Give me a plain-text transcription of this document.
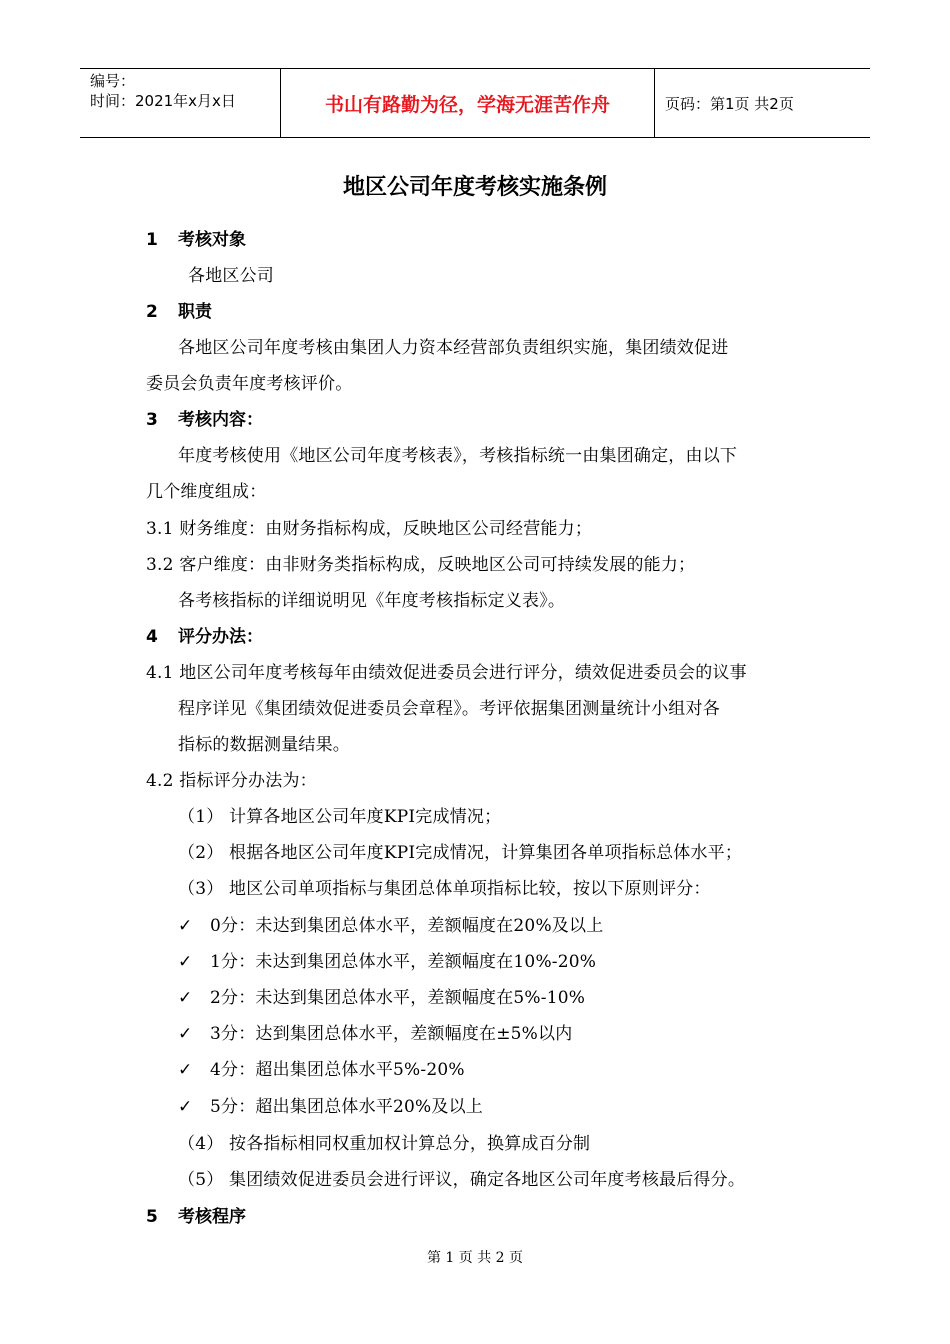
编号：
时间：2021年x月x日	书山有路勤为径，学海无涯苦作舟	页码：第1页 共2页
地区公司年度考核实施条例
1 考核对象
各地区公司
2 职责
各地区公司年度考核由集团人力资本经营部负责组织实施，集团绩效促进
委员会负责年度考核评价。
3 考核内容：
年度考核使用《地区公司年度考核表》，考核指标统一由集团确定，由以下
几个维度组成：
3.1 财务维度：由财务指标构成，反映地区公司经营能力；
3.2 客户维度：由非财务类指标构成，反映地区公司可持续发展的能力；
各考核指标的详细说明见《年度考核指标定义表》。
4 评分办法：
4.1 地区公司年度考核每年由绩效促进委员会进行评分，绩效促进委员会的议事
程序详见《集团绩效促进委员会章程》。考评依据集团测量统计小组对各
指标的数据测量结果。
4.2 指标评分办法为：
（1） 计算各地区公司年度KPI完成情况；
（2） 根据各地区公司年度KPI完成情况，计算集团各单项指标总体水平；
（3） 地区公司单项指标与集团总体单项指标比较，按以下原则评分：
✓ 0分：未达到集团总体水平，差额幅度在20%及以上
✓ 1分：未达到集团总体水平，差额幅度在10%-20%
✓ 2分：未达到集团总体水平，差额幅度在5%-10%
✓ 3分：达到集团总体水平，差额幅度在±5%以内
✓ 4分：超出集团总体水平5%-20%
✓ 5分：超出集团总体水平20%及以上
（4） 按各指标相同权重加权计算总分，换算成百分制
（5） 集团绩效促进委员会进行评议，确定各地区公司年度考核最后得分。
5 考核程序
第 1 页 共 2 页
